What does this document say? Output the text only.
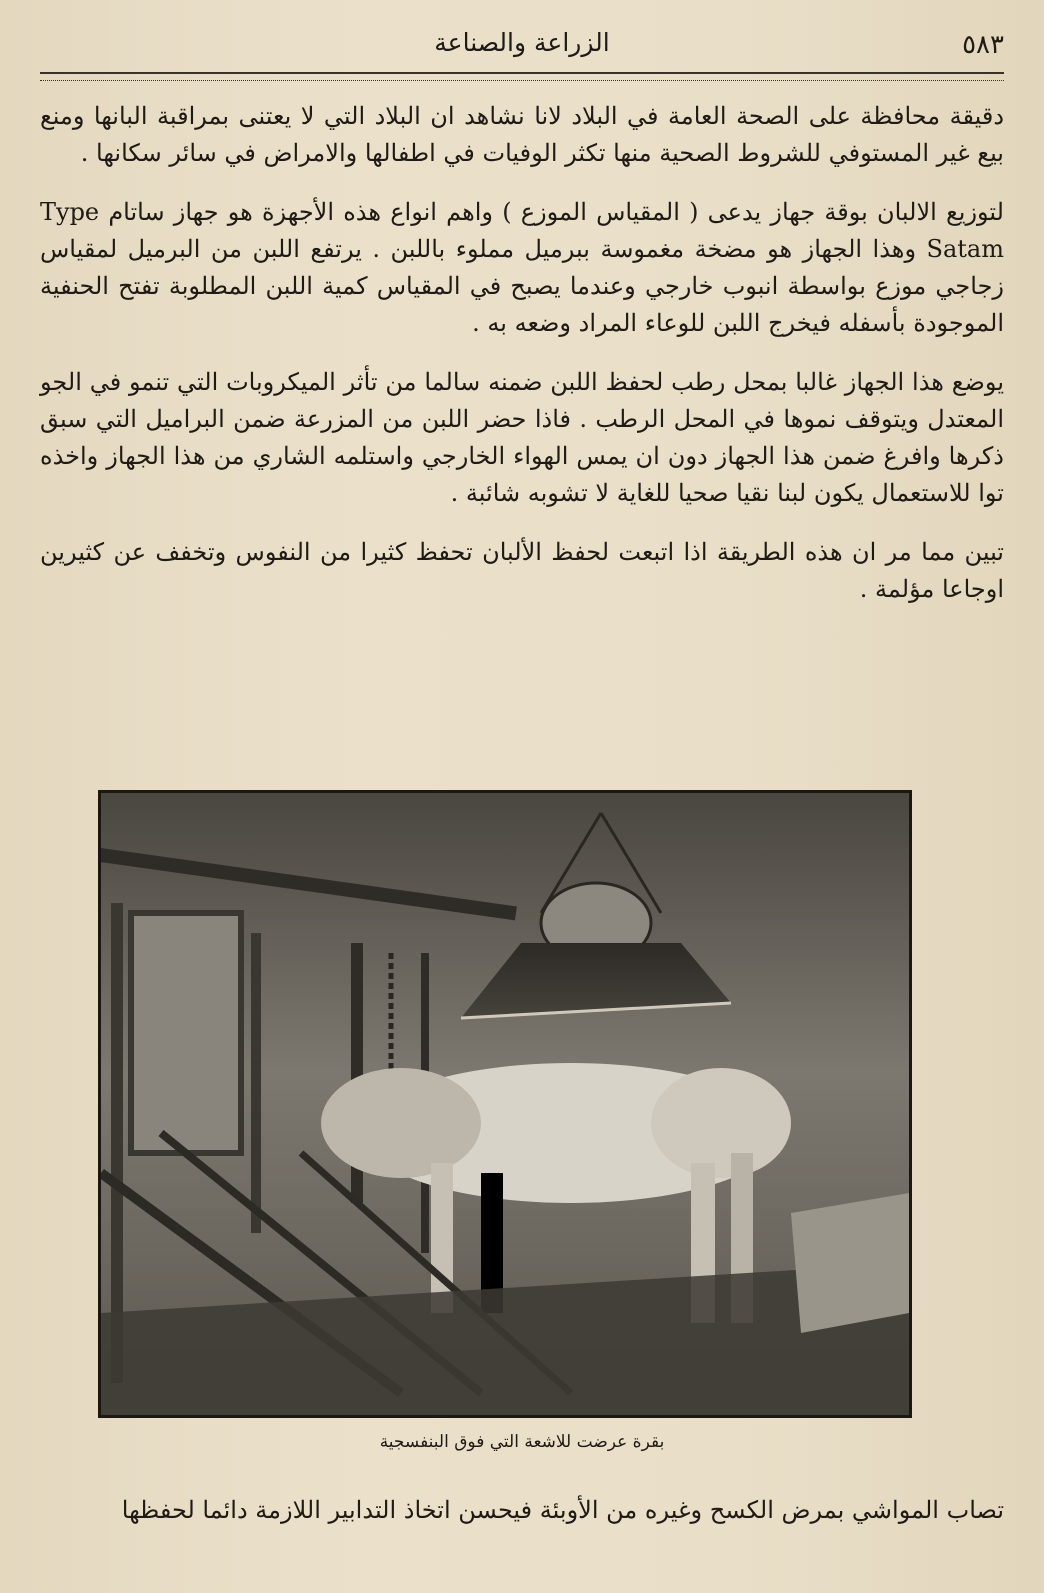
٥٨٣
الزراعة والصناعة

دقيقة محافظة على الصحة العامة في البلاد لانا نشاهد ان البلاد التي لا يعتنى بمراقبة البانها ومنع بيع غير المستوفي للشروط الصحية منها تكثر الوفيات في اطفالها والامراض في سائر سكانها .

لتوزيع الالبان بوقة جهاز يدعى ( المقياس الموزع ) واهم انواع هذه الأجهزة هو جهاز ساتام Type Satam وهذا الجهاز هو مضخة مغموسة ببرميل مملوء باللبن . يرتفع اللبن من البرميل لمقياس زجاجي موزع بواسطة انبوب خارجي وعندما يصبح في المقياس كمية اللبن المطلوبة تفتح الحنفية الموجودة بأسفله فيخرج اللبن للوعاء المراد وضعه به .

يوضع هذا الجهاز غالبا بمحل رطب لحفظ اللبن ضمنه سالما من تأثر الميكروبات التي تنمو في الجو المعتدل ويتوقف نموها في المحل الرطب . فاذا حضر اللبن من المزرعة ضمن البراميل التي سبق ذكرها وافرغ ضمن هذا الجهاز دون ان يمس الهواء الخارجي واستلمه الشاري من هذا الجهاز واخذه توا للاستعمال يكون لبنا نقيا صحيا للغاية لا تشوبه شائبة .

تبين مما مر ان هذه الطريقة اذا اتبعت لحفظ الألبان تحفظ كثيرا من النفوس وتخفف عن كثيرين اوجاعا مؤلمة .

بقرة عرضت للاشعة التي فوق البنفسجية
تصاب المواشي بمرض الكسح وغيره من الأوبئة فيحسن اتخاذ التدابير اللازمة دائما لحفظها
